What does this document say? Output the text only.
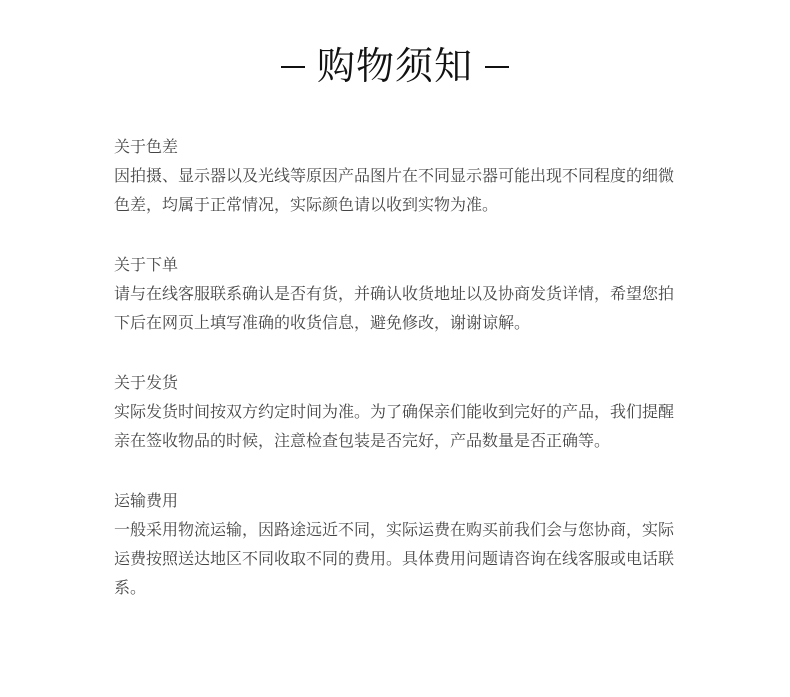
购物须知

关于色差

因拍摄、显示器以及光线等原因产品图片在不同显示器可能出现不同程度的细微色差，均属于正常情况，实际颜色请以收到实物为准。

关于下单

请与在线客服联系确认是否有货，并确认收货地址以及协商发货详情，希望您拍下后在网页上填写准确的收货信息，避免修改，谢谢谅解。

关于发货

实际发货时间按双方约定时间为准。为了确保亲们能收到完好的产品，我们提醒亲在签收物品的时候，注意检查包装是否完好，产品数量是否正确等。

运输费用

一般采用物流运输，因路途远近不同，实际运费在购买前我们会与您协商，实际运费按照送达地区不同收取不同的费用。具体费用问题请咨询在线客服或电话联系。
